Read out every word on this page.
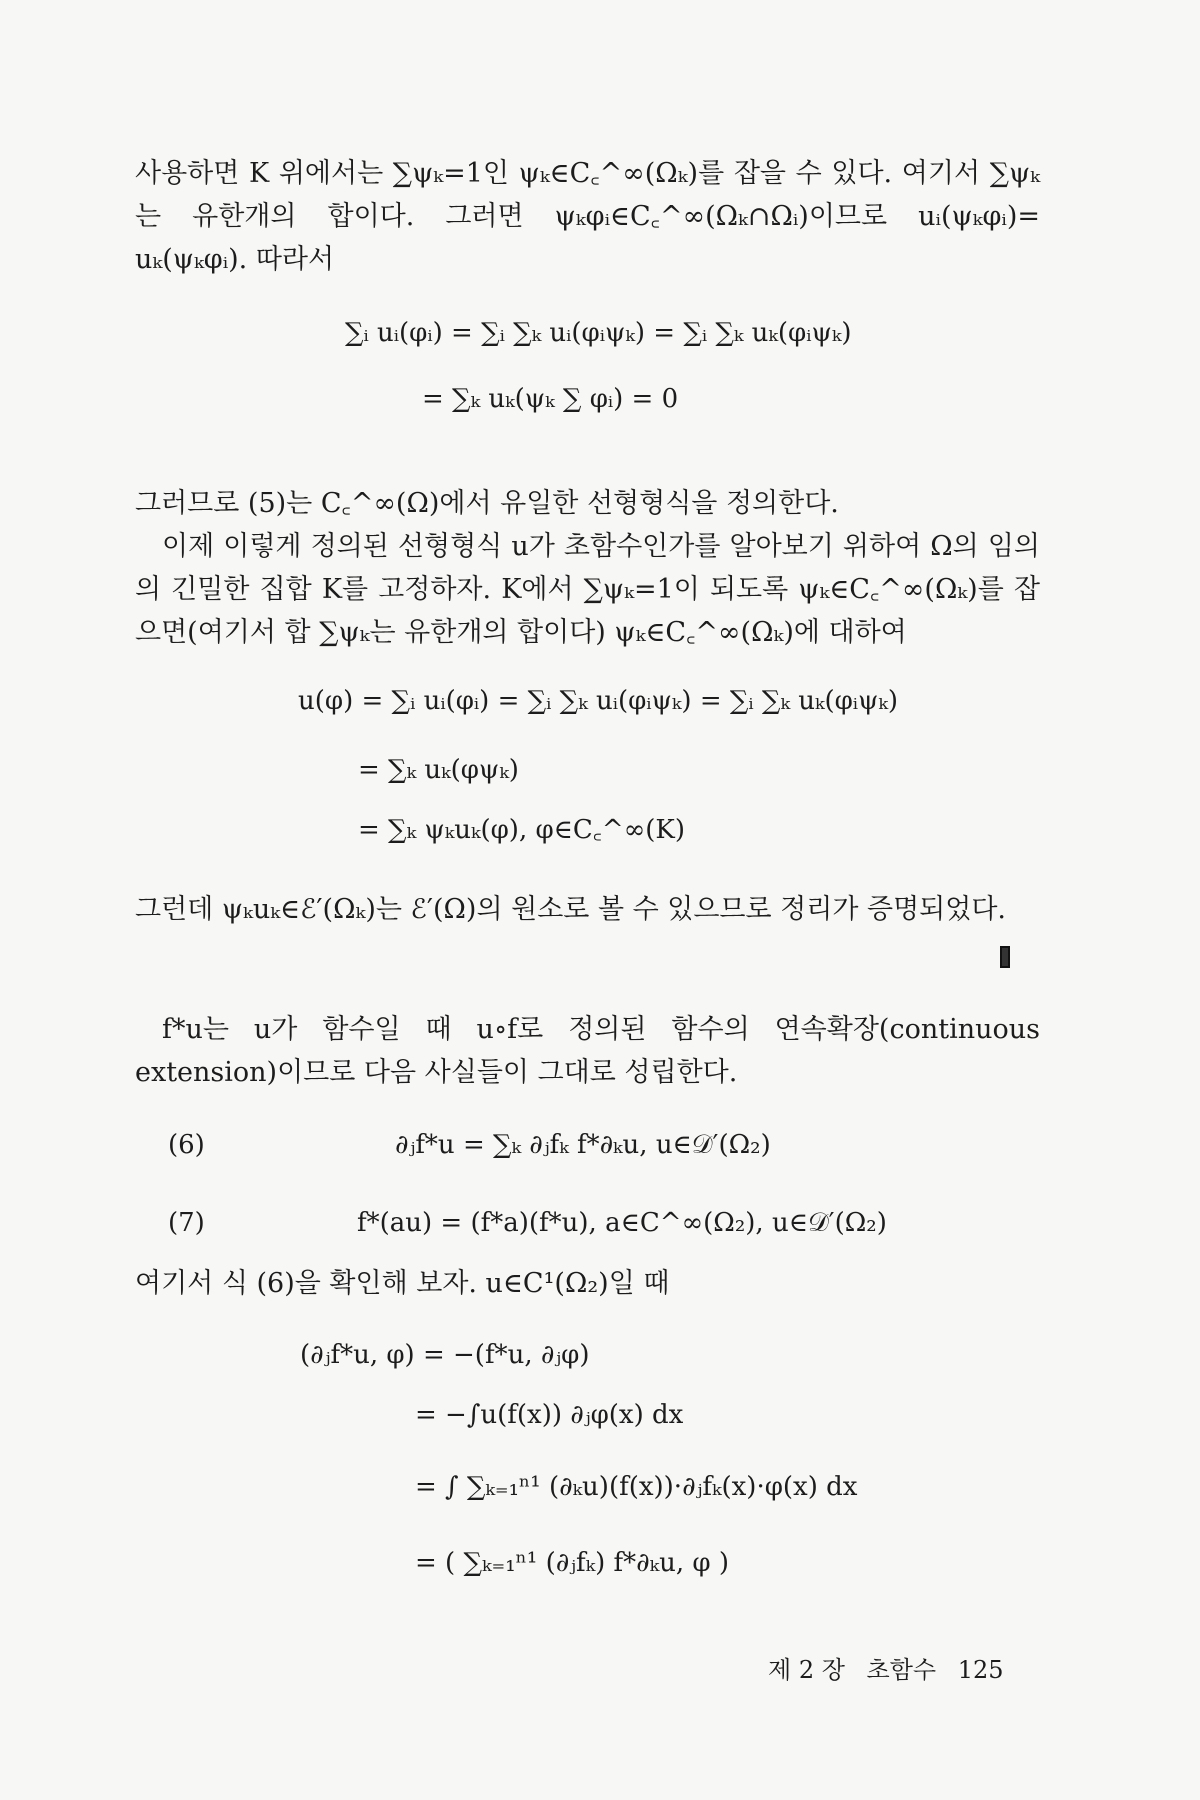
사용하면 K 위에서는 ∑ψₖ=1인 ψₖ∈C꜀^∞(Ωₖ)를 잡을 수 있다. 여기서 ∑ψₖ는 유한개의 합이다. 그러면 ψₖφᵢ∈C꜀^∞(Ωₖ∩Ωᵢ)이므로 uᵢ(ψₖφᵢ)= uₖ(ψₖφᵢ). 따라서

∑ᵢ uᵢ(φᵢ) = ∑ᵢ ∑ₖ uᵢ(φᵢψₖ) = ∑ᵢ ∑ₖ uₖ(φᵢψₖ)
= ∑ₖ uₖ(ψₖ ∑ φᵢ) = 0

그러므로 (5)는 C꜀^∞(Ω)에서 유일한 선형형식을 정의한다.

이제 이렇게 정의된 선형형식 u가 초함수인가를 알아보기 위하여 Ω의 임의의 긴밀한 집합 K를 고정하자. K에서 ∑ψₖ=1이 되도록 ψₖ∈C꜀^∞(Ωₖ)를 잡으면(여기서 합 ∑ψₖ는 유한개의 합이다) ψₖ∈C꜀^∞(Ωₖ)에 대하여

u(φ) = ∑ᵢ uᵢ(φᵢ) = ∑ᵢ ∑ₖ uᵢ(φᵢψₖ) = ∑ᵢ ∑ₖ uₖ(φᵢψₖ)
= ∑ₖ uₖ(φψₖ)
= ∑ₖ ψₖuₖ(φ), φ∈C꜀^∞(K)

그런데 ψₖuₖ∈ℰ′(Ωₖ)는 ℰ′(Ω)의 원소로 볼 수 있으므로 정리가 증명되었다.

f*u는 u가 함수일 때 u∘f로 정의된 함수의 연속확장(continuous extension)이므로 다음 사실들이 그대로 성립한다.

(6)	∂ⱼf*u = ∑ₖ ∂ⱼfₖ f*∂ₖu, u∈𝒟′(Ω₂)
(7)	f*(au) = (f*a)(f*u), a∈C^∞(Ω₂), u∈𝒟′(Ω₂)

여기서 식 (6)을 확인해 보자. u∈C¹(Ω₂)일 때

(∂ⱼf*u, φ) = −(f*u, ∂ⱼφ)
= −∫u(f(x)) ∂ⱼφ(x) dx
= ∫ ∑ₖ₌₁ⁿ¹ (∂ₖu)(f(x))·∂ⱼfₖ(x)·φ(x) dx
= ( ∑ₖ₌₁ⁿ¹ (∂ⱼfₖ) f*∂ₖu, φ )
제 2 장 초함수 125
